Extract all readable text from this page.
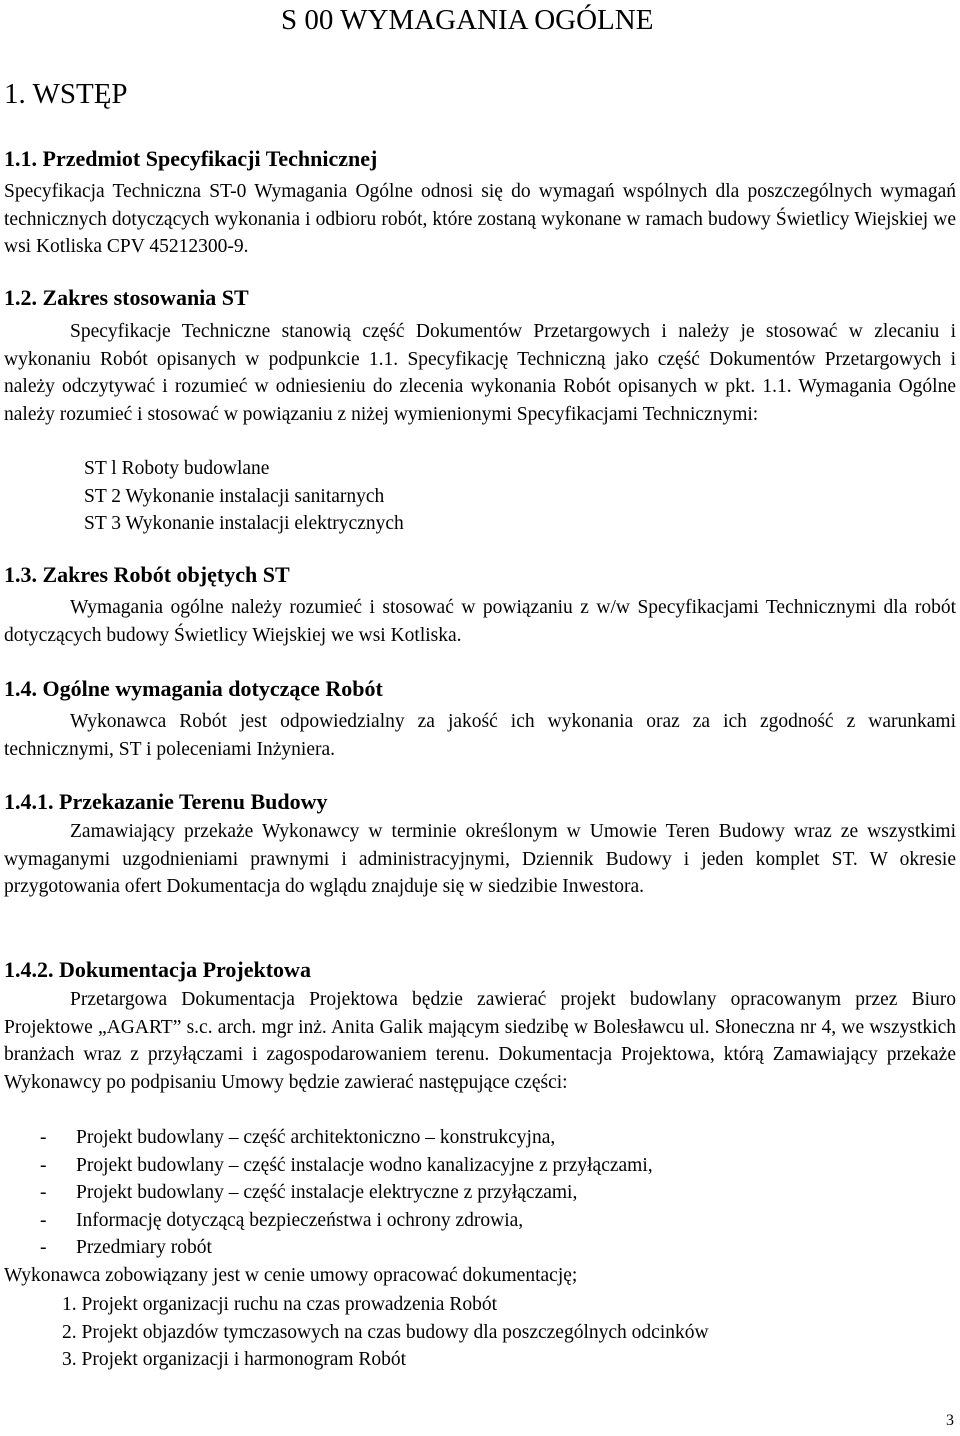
S 00 WYMAGANIA OGÓLNE
1. WSTĘP
1.1. Przedmiot Specyfikacji Technicznej

Specyfikacja Techniczna ST-0 Wymagania Ogólne odnosi się do wymagań wspólnych dla poszczególnych wymagań technicznych dotyczących wykonania i odbioru robót, które zostaną wykonane w ramach budowy Świetlicy Wiejskiej we wsi Kotliska CPV 45212300-9.

1.2. Zakres stosowania ST

Specyfikacje Techniczne stanowią część Dokumentów Przetargowych i należy je stosować w zlecaniu i wykonaniu Robót opisanych w podpunkcie 1.1. Specyfikację Techniczną jako część Dokumentów Przetargowych i należy odczytywać i rozumieć w odniesieniu do zlecenia wykonania Robót opisanych w pkt. 1.1. Wymagania Ogólne należy rozumieć i stosować w powiązaniu z niżej wymienionymi Specyfikacjami Technicznymi:

ST l Roboty budowlane
ST 2 Wykonanie instalacji sanitarnych
ST 3 Wykonanie instalacji elektrycznych
1.3. Zakres Robót objętych ST

Wymagania ogólne należy rozumieć i stosować w powiązaniu z w/w Specyfikacjami Technicznymi dla robót dotyczących budowy Świetlicy Wiejskiej we wsi Kotliska.

1.4. Ogólne wymagania dotyczące Robót

Wykonawca Robót jest odpowiedzialny za jakość ich wykonania oraz za ich zgodność z warunkami technicznymi, ST i poleceniami Inżyniera.

1.4.1. Przekazanie Terenu Budowy

Zamawiający przekaże Wykonawcy w terminie określonym w Umowie Teren Budowy wraz ze wszystkimi wymaganymi uzgodnieniami prawnymi i administracyjnymi, Dziennik Budowy i jeden komplet ST. W okresie przygotowania ofert Dokumentacja do wglądu znajduje się w siedzibie Inwestora.

1.4.2. Dokumentacja Projektowa

Przetargowa Dokumentacja Projektowa będzie zawierać projekt budowlany opracowanym przez Biuro Projektowe „AGART” s.c. arch. mgr inż. Anita Galik mającym siedzibę w Bolesławcu ul. Słoneczna nr 4, we wszystkich branżach wraz z przyłączami i zagospodarowaniem terenu. Dokumentacja Projektowa, którą Zamawiający przekaże Wykonawcy po podpisaniu Umowy będzie zawierać następujące części:

- Projekt budowlany – część architektoniczno – konstrukcyjna,
- Projekt budowlany – część instalacje wodno kanalizacyjne z przyłączami,
- Projekt budowlany – część instalacje elektryczne z przyłączami,
- Informację dotyczącą bezpieczeństwa i ochrony zdrowia,
- Przedmiary robót
Wykonawca zobowiązany jest w cenie umowy opracować dokumentację;
1. Projekt organizacji ruchu na czas prowadzenia Robót
2. Projekt objazdów tymczasowych na czas budowy dla poszczególnych odcinków
3. Projekt organizacji i harmonogram Robót
3
